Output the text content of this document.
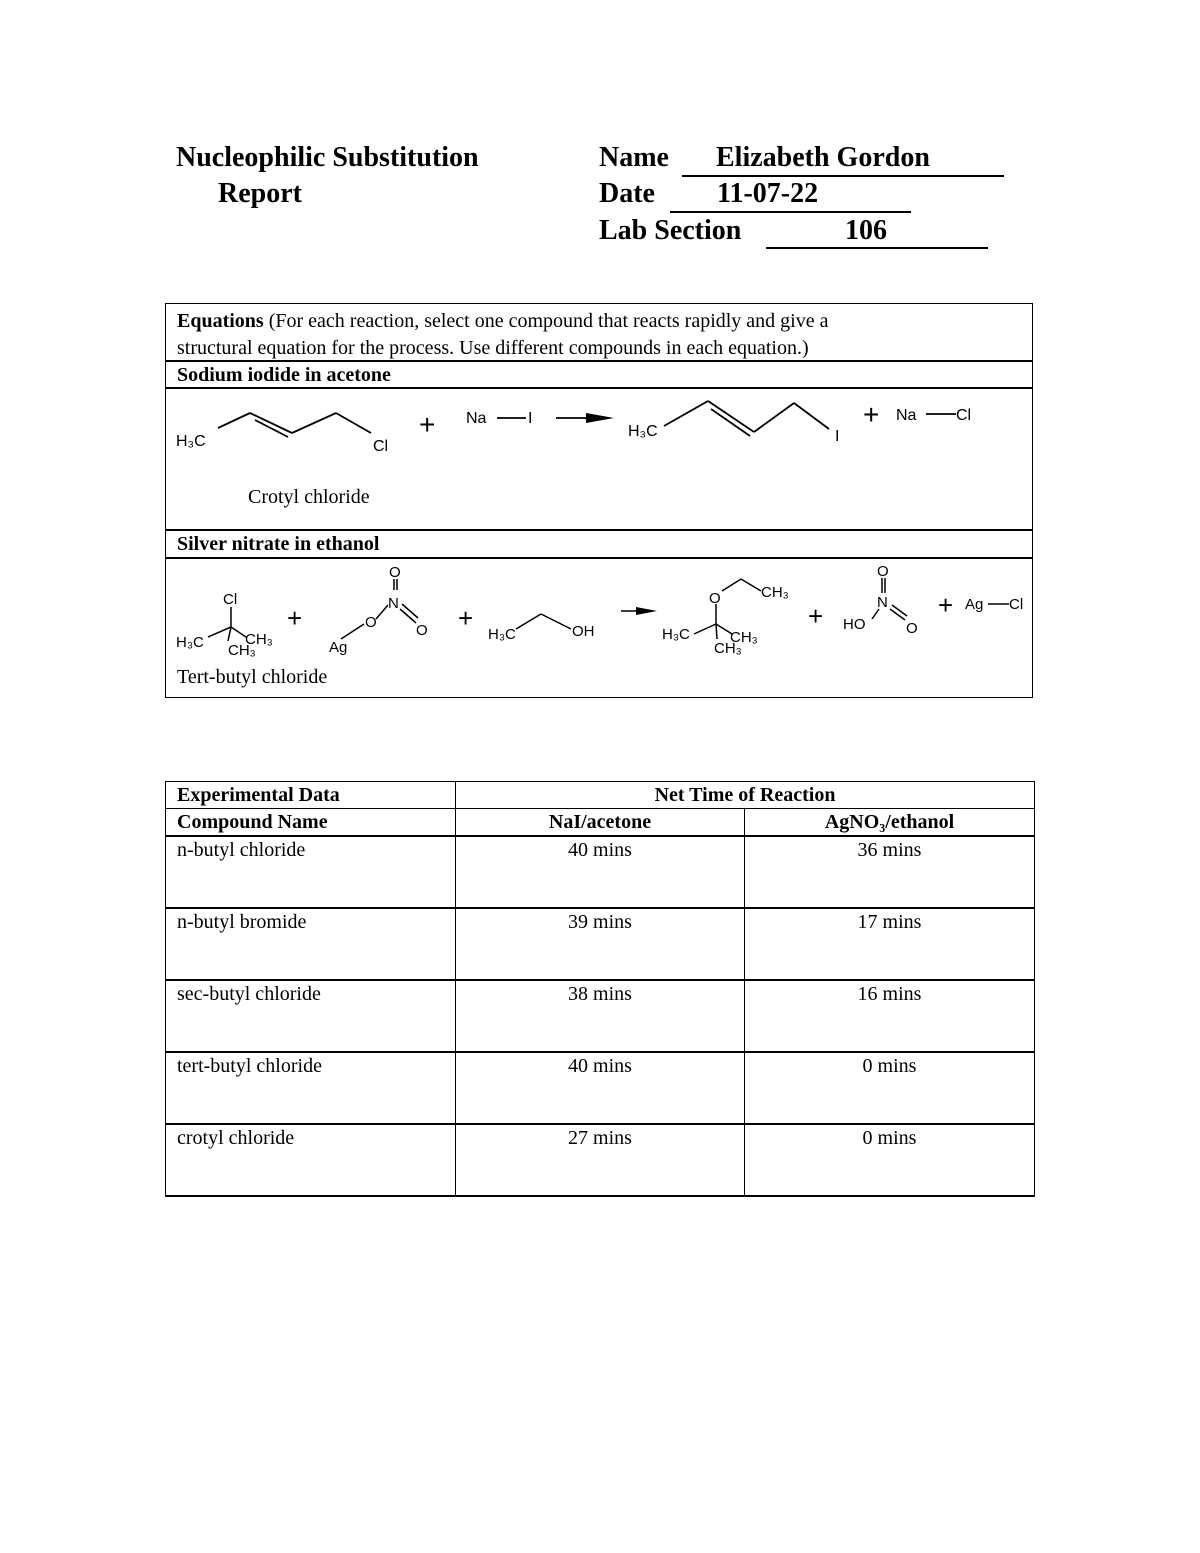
Nucleophilic Substitution
Report
Name Elizabeth Gordon
Date 11-07-22
Lab Section	106
Equations (For each reaction, select one compound that reacts rapidly and give a
structural equation for the process. Use different compounds in each equation.)
Sodium iodide in acetone
H₃C	Cl
+ Na	I
H₃C	I
+ Na Cl
Crotyl chloride
Silver nitrate in ethanol
Cl
H₃C	CH₃
CH₃	Ag
O
N
O
O	H₃C	OH
O	CH₃
H₃C	CH₃
CH₃
O
N
O
HO
Ag Cl
+	+	+	+
Tert-butyl chloride
Experimental Data	Net Time of Reaction	
Compound Name	NaI/acetone	AgNO₃/ethanol
n-butyl chloride	40 mins	36 mins
n-butyl bromide	39 mins	17 mins
sec-butyl chloride	38 mins	16 mins
tert-butyl chloride	40 mins	0 mins
crotyl chloride	27 mins	0 mins
